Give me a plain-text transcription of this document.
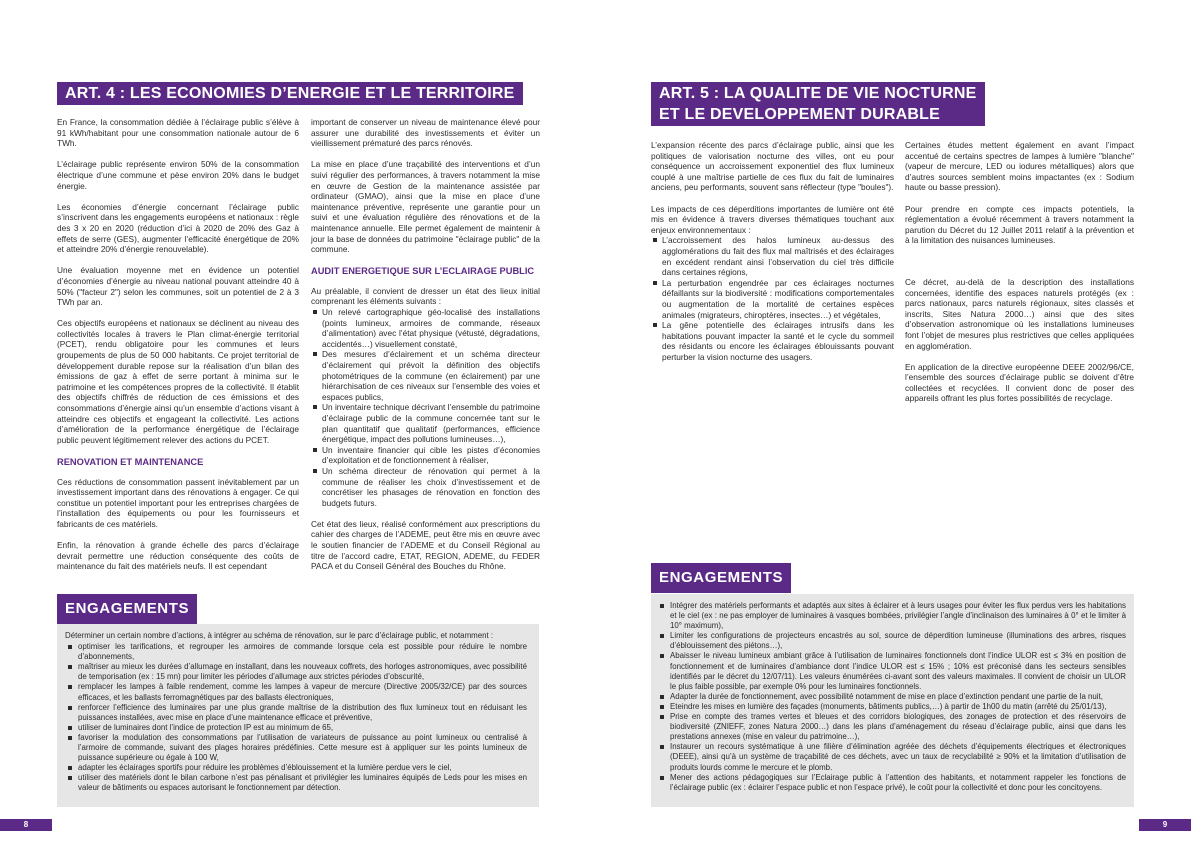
ART. 4 : LES ECONOMIES D’ENERGIE ET LE TERRITOIRE

En France, la consommation dédiée à l’éclairage public s’élève à 91 kWh/habitant pour une consommation nationale autour de 6 TWh.

L’éclairage public représente environ 50% de la consommation électrique d’une commune et pèse environ 20% dans le budget énergie.

Les économies d’énergie concernant l’éclairage public s’inscrivent dans les engagements européens et nationaux : règle des 3 x 20 en 2020 (réduction d’ici à 2020 de 20% des Gaz à effets de serre (GES), augmenter l’efficacité énergétique de 20% et atteindre 20% d’énergie renouvelable).

Une évaluation moyenne met en évidence un potentiel d’économies d’énergie au niveau national pouvant atteindre 40 à 50% ("facteur 2") selon les communes, soit un potentiel de 2 à 3 TWh par an.

Ces objectifs européens et nationaux se déclinent au niveau des collectivités locales à travers le Plan climat-énergie territorial (PCET), rendu obligatoire pour les communes et leurs groupements de plus de 50 000 habitants. Ce projet territorial de développement durable repose sur la réalisation d’un bilan des émissions de gaz à effet de serre portant à minima sur le patrimoine et les compétences propres de la collectivité. Il établit des objectifs chiffrés de réduction de ces émissions et des consommations d’énergie ainsi qu’un ensemble d’actions visant à atteindre ces objectifs et engageant la collectivité. Les actions d’amélioration de la performance énergétique de l’éclairage public peuvent légitimement relever des actions du PCET.

RENOVATION ET MAINTENANCE

Ces réductions de consommation passent inévitablement par un investissement important dans des rénovations à engager. Ce qui constitue un potentiel important pour les entreprises chargées de l’installation des équipements ou pour les fournisseurs et fabricants de ces matériels.

Enfin, la rénovation à grande échelle des parcs d’éclairage devrait permettre une réduction conséquente des coûts de maintenance du fait des matériels neufs. Il est cependant

important de conserver un niveau de maintenance élevé pour assurer une durabilité des investissements et éviter un vieillissement prématuré des parcs rénovés.

La mise en place d’une traçabilité des interventions et d’un suivi régulier des performances, à travers notamment la mise en œuvre de Gestion de la maintenance assistée par ordinateur (GMAO), ainsi que la mise en place d’une maintenance préventive, représente une garantie pour un suivi et une évaluation régulière des rénovations et de la maintenance annuelle. Elle permet également de maintenir à jour la base de données du patrimoine "éclairage public" de la commune.

AUDIT ENERGETIQUE SUR L’ECLAIRAGE PUBLIC

Au préalable, il convient de dresser un état des lieux initial comprenant les éléments suivants :

Un relevé cartographique géo-localisé des installations (points lumineux, armoires de commande, réseaux d’alimentation) avec l’état physique (vétusté, dégradations, accidentés…) visuellement constaté,
Des mesures d’éclairement et un schéma directeur d’éclairement qui prévoit la définition des objectifs photométriques de la commune (en éclairement) par une hiérarchisation de ces niveaux sur l’ensemble des voies et espaces publics,
Un inventaire technique décrivant l’ensemble du patrimoine d’éclairage public de la commune concernée tant sur le plan quantitatif que qualitatif (performances, efficience énergétique, impact des pollutions lumineuses…),
Un inventaire financier qui cible les pistes d’économies d’exploitation et de fonctionnement à réaliser,
Un schéma directeur de rénovation qui permet à la commune de réaliser les choix d’investissement et de concrétiser les phasages de rénovation en fonction des budgets futurs.

Cet état des lieux, réalisé conformément aux prescriptions du cahier des charges de l’ADEME, peut être mis en œuvre avec le soutien financier de l’ADEME et du Conseil Régional au titre de l’accord cadre, ETAT, REGION, ADEME, du FEDER PACA et du Conseil Général des Bouches du Rhône.

ENGAGEMENTS
Déterminer un certain nombre d’actions, à intégrer au schéma de rénovation, sur le parc d’éclairage public, et notamment :
optimiser les tarifications, et regrouper les armoires de commande lorsque cela est possible pour réduire le nombre d’abonnements,
maîtriser au mieux les durées d’allumage en installant, dans les nouveaux coffrets, des horloges astronomiques, avec possibilité de temporisation (ex : 15 mn) pour limiter les périodes d’allumage aux strictes périodes d’obscurité,
remplacer les lampes à faible rendement, comme les lampes à vapeur de mercure (Directive 2005/32/CE) par des sources efficaces, et les ballasts ferromagnétiques par des ballasts électroniques,
renforcer l’efficience des luminaires par une plus grande maîtrise de la distribution des flux lumineux tout en réduisant les puissances installées, avec mise en place d’une maintenance efficace et préventive,
utiliser de luminaires dont l’indice de protection IP est au minimum de 65,
favoriser la modulation des consommations par l’utilisation de variateurs de puissance au point lumineux ou centralisé à l’armoire de commande, suivant des plages horaires prédéfinies. Cette mesure est à appliquer sur les points lumineux de puissance supérieure ou égale à 100 W,
adapter les éclairages sportifs pour réduire les problèmes d’éblouissement et la lumière perdue vers le ciel,
utiliser des matériels dont le bilan carbone n’est pas pénalisant et privilégier les luminaires équipés de Leds pour les mises en valeur de bâtiments ou espaces autorisant le fonctionnement par détection.
8
ART. 5 : LA QUALITE DE VIE NOCTURNE
ET LE DEVELOPPEMENT DURABLE

L’expansion récente des parcs d’éclairage public, ainsi que les politiques de valorisation nocturne des villes, ont eu pour conséquence un accroissement exponentiel des flux lumineux couplé à une maîtrise partielle de ces flux du fait de luminaires anciens, peu performants, souvent sans réflecteur (type "boules").

Les impacts de ces déperditions importantes de lumière ont été mis en évidence à travers diverses thématiques touchant aux enjeux environnementaux :

L’accroissement des halos lumineux au-dessus des agglomérations du fait des flux mal maîtrisés et des éclairages en excédent rendant ainsi l’observation du ciel très difficile dans certaines régions,
La perturbation engendrée par ces éclairages nocturnes défaillants sur la biodiversité : modifications comportementales ou augmentation de la mortalité de certaines espèces animales (migrateurs, chiroptères, insectes…) et végétales,
La gêne potentielle des éclairages intrusifs dans les habitations pouvant impacter la santé et le cycle du sommeil des résidants ou encore les éclairages éblouissants pouvant perturber la vision nocturne des usagers.

Certaines études mettent également en avant l’impact accentué de certains spectres de lampes à lumière "blanche" (vapeur de mercure, LED ou iodures métalliques) alors que d’autres sources semblent moins impactantes (ex : Sodium haute ou basse pression).

Pour prendre en compte ces impacts potentiels, la réglementation a évolué récemment à travers notamment la parution du Décret du 12 Juillet 2011 relatif à la prévention et à la limitation des nuisances lumineuses.

Ce décret, au-delà de la description des installations concernées, identifie des espaces naturels protégés (ex : parcs nationaux, parcs naturels régionaux, sites classés et inscrits, Sites Natura 2000…) ainsi que des sites d’observation astronomique où les installations lumineuses font l’objet de mesures plus restrictives que celles appliquées en agglomération.

En application de la directive européenne DEEE 2002/96/CE, l’ensemble des sources d’éclairage public se doivent d’être collectées et recyclées. Il convient donc de poser des appareils offrant les plus fortes possibilités de recyclage.

ENGAGEMENTS
Intégrer des matériels performants et adaptés aux sites à éclairer et à leurs usages pour éviter les flux perdus vers les habitations et le ciel (ex : ne pas employer de luminaires à vasques bombées, privilégier l’angle d’inclinaison des luminaires à 0° et le limiter à 10° maximum),
Limiter les configurations de projecteurs encastrés au sol, source de déperdition lumineuse (illuminations des arbres, risques d’éblouissement des piétons…),
Abaisser le niveau lumineux ambiant grâce à l’utilisation de luminaires fonctionnels dont l’indice ULOR est ≤ 3% en position de fonctionnement et de luminaires d’ambiance dont l’indice ULOR est ≤ 15% ; 10% est préconisé dans les secteurs sensibles identifiés par le décret du 12/07/11). Les valeurs énumérées ci-avant sont des valeurs maximales. Il convient de choisir un ULOR le plus faible possible, par exemple 0% pour les luminaires fonctionnels.
Adapter la durée de fonctionnement, avec possibilité notamment de mise en place d’extinction pendant une partie de la nuit,
Eteindre les mises en lumière des façades (monuments, bâtiments publics,…) à partir de 1h00 du matin (arrêté du 25/01/13),
Prise en compte des trames vertes et bleues et des corridors biologiques, des zonages de protection et des réservoirs de biodiversité (ZNIEFF, zones Natura 2000…) dans les plans d’aménagement du réseau d’éclairage public, ainsi que dans les prestations annexes (mise en valeur du patrimoine…),
Instaurer un recours systématique à une filière d’élimination agréée des déchets d’équipements électriques et électroniques (DEEE), ainsi qu’à un système de traçabilité de ces déchets, avec un taux de recyclabilité ≥ 90% et la limitation d’utilisation de produits lourds comme le mercure et le plomb.
Mener des actions pédagogiques sur l’Eclairage public à l’attention des habitants, et notamment rappeler les fonctions de l’éclairage public (ex : éclairer l’espace public et non l’espace privé), le coût pour la collectivité et donc pour les concitoyens.
9
